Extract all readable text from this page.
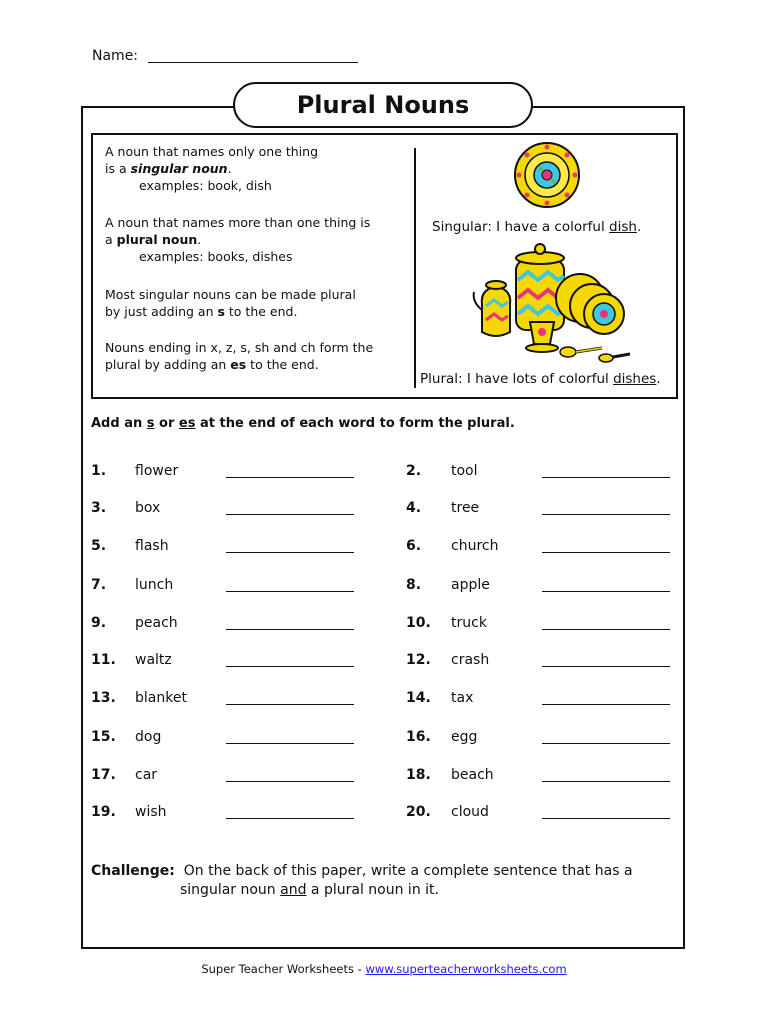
Name:
Plural Nouns
A noun that names only one thing
is a singular noun.
examples: book, dish
A noun that names more than one thing is
a plural noun.
examples: books, dishes
Most singular nouns can be made plural
by just adding an s to the end.
Nouns ending in x, z, s, sh and ch form the
plural by adding an es to the end.
Singular: I have a colorful dish.
Plural: I have lots of colorful dishes.
Add an s or es at the end of each word to form the plural.
1. flower	2. tool
3. box	4. tree
5. flash	6. church
7. lunch	8. apple
9. peach	10. truck
11. waltz	12. crash
13. blanket	14. tax
15. dog	16. egg
17. car	18. beach
19. wish	20. cloud
Challenge: On the back of this paper, write a complete sentence that has a
singular noun and a plural noun in it.
Super Teacher Worksheets - www.superteacherworksheets.com
